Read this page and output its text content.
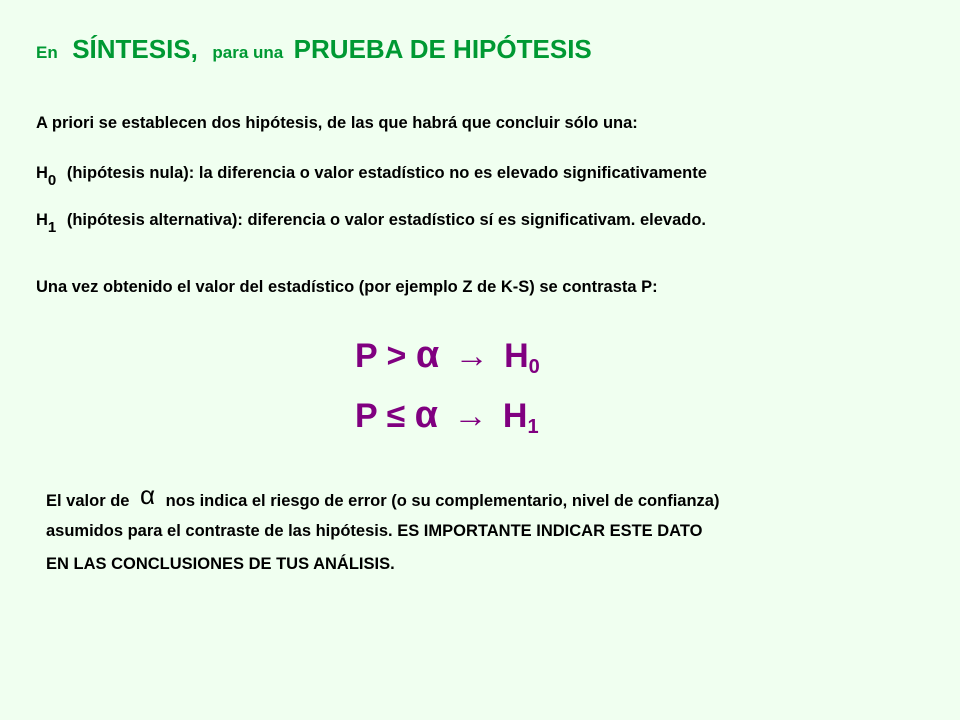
En SÍNTESIS, para una PRUEBA DE HIPÓTESIS
A priori se establecen dos hipótesis, de las que habrá que concluir sólo una:
$H_0$ (hipótesis nula): la diferencia o valor estadístico no es elevado significativamente
$H_1$ (hipótesis alternativa): diferencia o valor estadístico sí es significativam. elevado.
Una vez obtenido el valor del estadístico (por ejemplo Z de K-S) se contrasta P:
$P > \alpha \to H_0$
$P \le \alpha \to H_1$
El valor de α nos indica el riesgo de error (o su complementario, nivel de confianza)
asumidos para el contraste de las hipótesis. ES IMPORTANTE INDICAR ESTE DATO
EN LAS CONCLUSIONES DE TUS ANÁLISIS.
